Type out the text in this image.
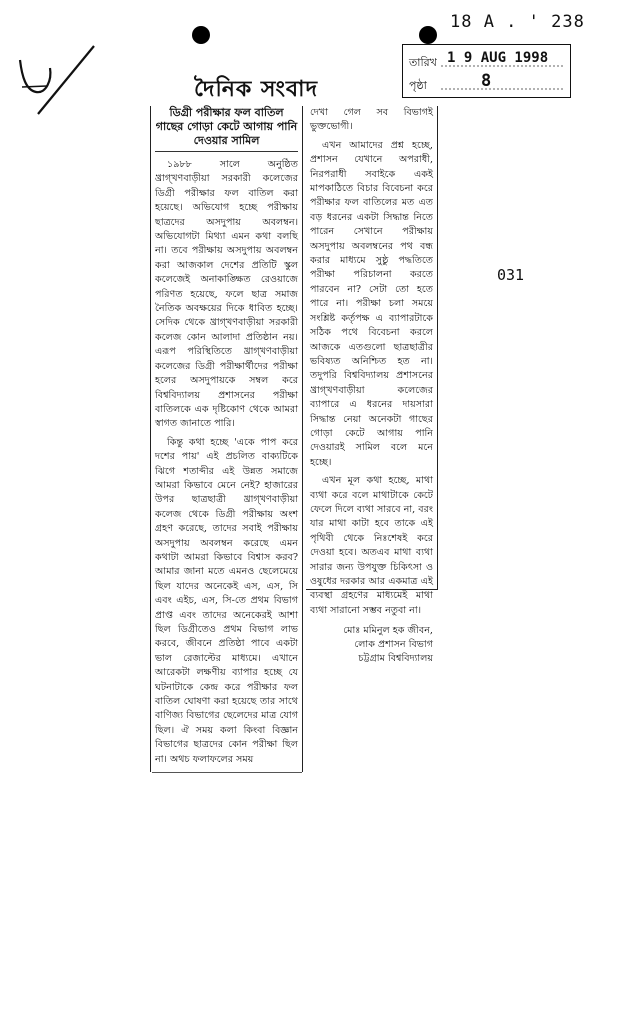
18 A . ' 238
তারিখ 1 9 AUG 1998
পৃষ্ঠা	8
দৈনিক সংবাদ
031
ডিগ্রী পরীক্ষার ফল বাতিল গাছের গোড়া কেটে আগায় পানি দেওয়ার সামিল

১৯৮৮ সালে অনুষ্ঠিত খ্রাগ্খণবাড়ীয়া সরকারী কলেজের ডিগ্রী পরীক্ষার ফল বাতিল করা হয়েছে। অভিযোগ হচ্ছে পরীক্ষায় ছাত্রদের অসদুপায় অবলম্বন। অভিযোগটা মিথ্যা এমন কথা বলছি না। তবে পরীক্ষায় অসদুপায় অবলম্বন করা আজকাল দেশের প্রতিটি স্কুল কলেজেই অনাকাঙ্ক্ষিত রেওয়াজে পরিণত হয়েছে, ফলে ছাত্র সমাজ নৈতিক অবক্ষয়ের দিকে ধাবিত হচ্ছে। সেদিক থেকে খ্রাগ্খণবাড়ীয়া সরকারী কলেজ কোন আলাদা প্রতিষ্ঠান নয়। এরূপ পরিস্থিতিতে খ্রাগ্খণবাড়ীয়া কলেজের ডিগ্রী পরীক্ষার্থীদের পরীক্ষা হলের অসদুপায়কে সম্বল করে বিশ্ববিদ্যালয় প্রশাসনের পরীক্ষা বাতিলকে এক দৃষ্টিকোণ থেকে আমরা স্বাগত জানাতে পারি।

কিন্তু কথা হচ্ছে 'একে পাপ করে দশের পায়' এই প্রচলিত বাক্যটিকে ঝিগে শতাব্দীর এই উন্নত সমাজে আমরা কিভাবে মেনে নেই? হাজারের উপর ছাত্রছাত্রী খ্রাগ্খণবাড়ীয়া কলেজ থেকে ডিগ্রী পরীক্ষায় অংশ গ্রহণ করেছে, তাদের সবাই পরীক্ষায় অসদুপায় অবলম্বন করেছে এমন কথাটা আমরা কিভাবে বিশ্বাস করব? আমার জানা মতে এমনও ছেলেমেয়ে ছিল যাদের অনেকেই এস, এস, সি এবং এইচ, এস, সি-তে প্রথম বিভাগ প্রাপ্ত এবং তাদের অনেকেরই আশা ছিল ডিগ্রীতেও প্রথম বিভাগ লাভ করবে, জীবনে প্রতিষ্ঠা পাবে একটা ভাল রেজাল্টের মাধ্যমে। এখানে আরেকটা লক্ষণীয় ব্যাপার হচ্ছে যে ঘটনাটাকে কেন্দ্র করে পরীক্ষার ফল বাতিল ঘোষণা করা হয়েছে তার সাথে বাণিজ্য বিভাগের ছেলেদের মাত্র যোগ ছিল। ঐ সময় কলা কিংবা বিজ্ঞান বিভাগের ছাত্রদের কোন পরীক্ষা ছিল না। অথচ ফলাফলের সময়

দেখা গেল সব বিভাগই ভুক্তভোগী।

এখন আমাদের প্রশ্ন হচ্ছে, প্রশাসন যেখানে অপরাধী, নিরপরাধী সবাইকে একই মাপকাঠিতে বিচার বিবেচনা করে পরীক্ষার ফল বাতিলের মত এত বড় ধরনের একটা সিদ্ধান্ত নিতে পারেন সেখানে পরীক্ষায় অসদুপায় অবলম্বনের পথ বন্ধ করার মাধ্যমে সুষ্ঠু পদ্ধতিতে পরীক্ষা পরিচালনা করতে পারবেন না? সেটা তো হতে পারে না। পরীক্ষা চলা সময়ে সংশ্লিষ্ট কর্তৃপক্ষ এ ব্যাপারটাকে সঠিক পথে বিবেচনা করলে আজকে এতগুলো ছাত্রছাত্রীর ভবিষ্যত অনিশ্চিত হত না। তদুপরি বিশ্ববিদ্যালয় প্রশাসনের খ্রাগ্খণবাড়ীয়া কলেজের ব্যাপারে এ ধরনের দায়সারা সিদ্ধান্ত নেয়া অনেকটা গাছের গোড়া কেটে আগায় পানি দেওয়ারই সামিল বলে মনে হচ্ছে।

এখন মূল কথা হচ্ছে, মাথা ব্যথা করে বলে মাথাটাকে কেটে ফেলে দিলে ব্যথা সারবে না, বরং যার মাথা কাটা হবে তাকে এই পৃথিবী থেকে নিঃশেষই করে দেওয়া হবে। অতএব মাথা ব্যথা সারার জন্য উপযুক্ত চিকিৎসা ও ওষুধের দরকার আর একমাত্র এই ব্যবস্থা গ্রহণের মাধ্যমেই মাথা ব্যথা সারানো সম্ভব নতুবা না।

মোঃ মমিনুল হক জীবন,
লোক প্রশাসন বিভাগ
চট্টগ্রাম বিশ্ববিদ্যালয়
